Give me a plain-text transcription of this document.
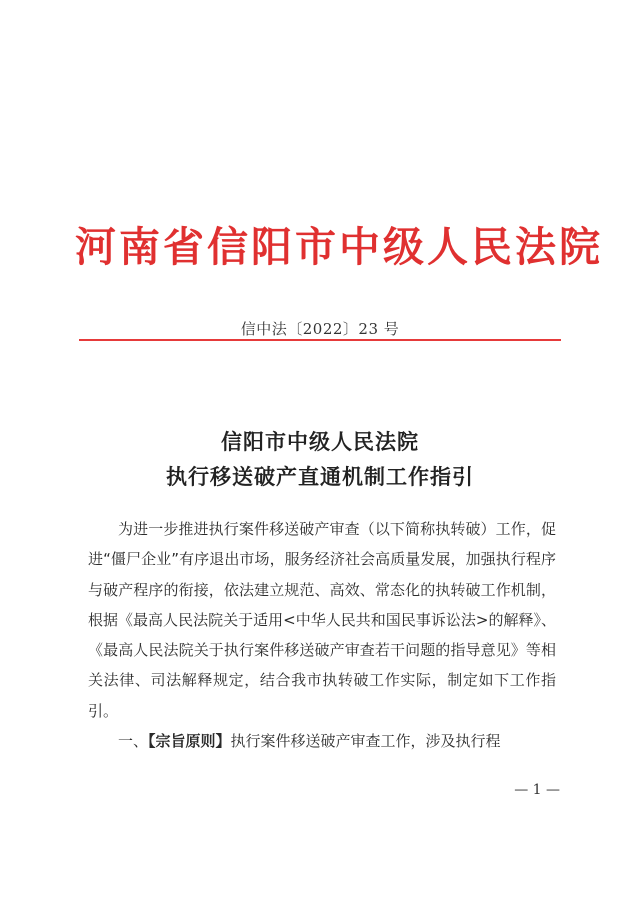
河南省信阳市中级人民法院
信中法〔2022〕23 号
信阳市中级人民法院
执行移送破产直通机制工作指引

为进一步推进执行案件移送破产审查（以下简称执转破）工作，促进“僵尸企业”有序退出市场，服务经济社会高质量发展，加强执行程序与破产程序的衔接，依法建立规范、高效、常态化的执转破工作机制，根据《最高人民法院关于适用<中华人民共和国民事诉讼法>的解释》、《最高人民法院关于执行案件移送破产审查若干问题的指导意见》等相关法律、司法解释规定，结合我市执转破工作实际，制定如下工作指引。

一、【宗旨原则】执行案件移送破产审查工作，涉及执行程

— 1 —
